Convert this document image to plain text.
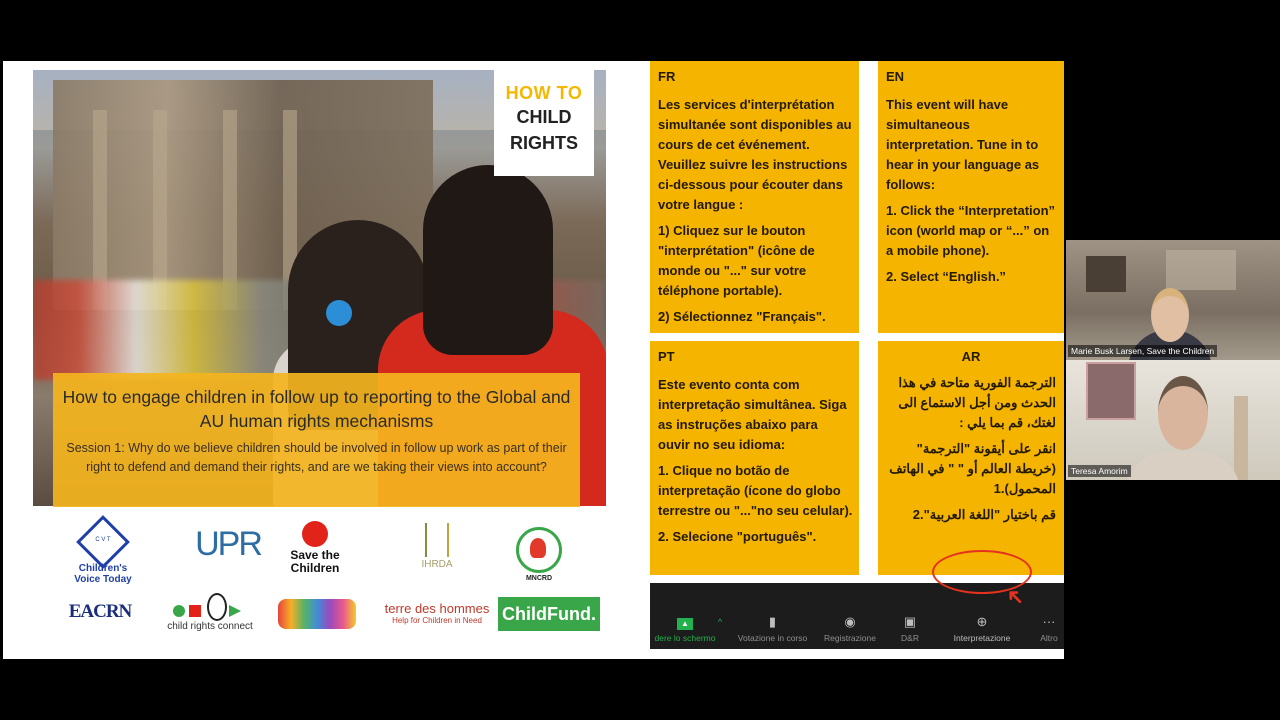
HOW TO
CHILD
RIGHTS
How to engage children in follow up to reporting to the Global and AU human rights mechanisms
Session 1: Why do we believe children should be involved in follow up work as part of their right to defend and demand their rights, and are we taking their views into account?
C V T
Children's Voice Today
UPR	Save the Children	IHRDA
MNCRD
EACRN
child rights connect
terre des hommes
Help for Children in Need	ChildFund.
FR
Les services d'interprétation simultanée sont disponibles au cours de cet événement. Veuillez suivre les instructions ci-dessous pour écouter dans votre langue :
1) Cliquez sur le bouton "interprétation" (icône de monde ou "..." sur votre téléphone portable).
2) Sélectionnez "Français".
EN
This event will have simultaneous interpretation. Tune in to hear in your language as follows:
1. Click the “Interpretation” icon (world map or “...” on a mobile phone).
2. Select “English.”
PT
Este evento conta com interpretação simultânea. Siga as instruções abaixo para ouvir no seu idioma:
1. Clique no botão de interpretação (ícone do globo terrestre ou "..."no seu celular).
2. Selecione "português".
AR
الترجمة الفورية متاحة في هذا الحدث ومن أجل الاستماع الى لغتك، قم بما يلي :
انقر على أيقونة "الترجمة" (خريطة العالم أو " " في الهاتف المحمول).1
قم باختيار "اللغة العربية".2
▲
dere lo schermo
^	▮
Votazione in corso
◉
Registrazione
▣
D&R
⊕
Interpretazione
···
Altro
➜
Marie Busk Larsen, Save the Children
Teresa Amorim
